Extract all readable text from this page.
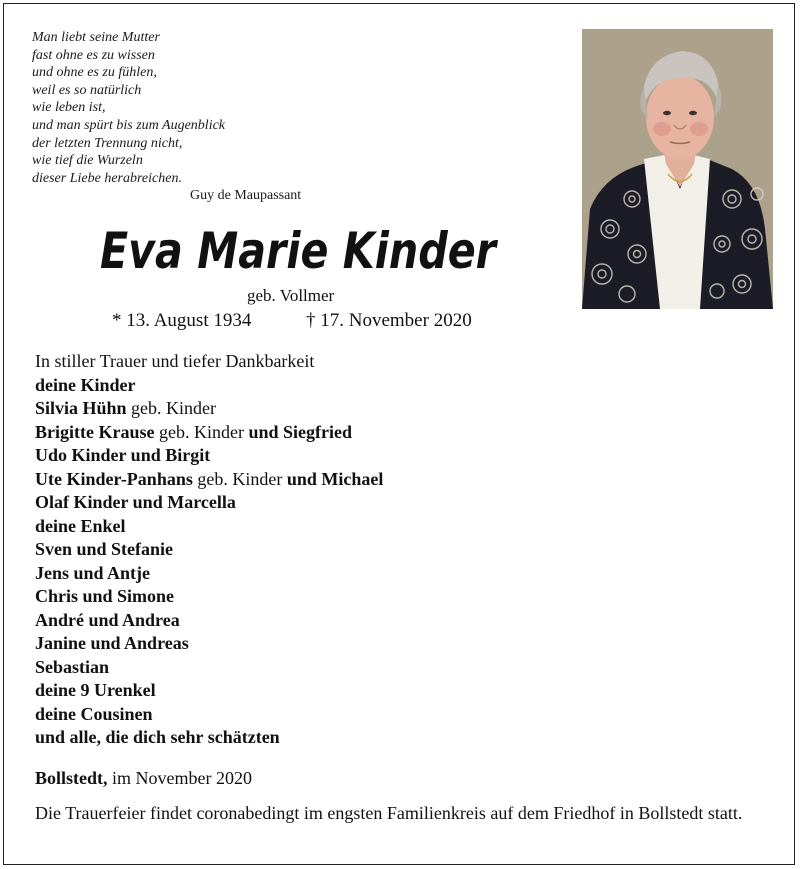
Man liebt seine Mutter
fast ohne es zu wissen
und ohne es zu fühlen,
weil es so natürlich
wie leben ist,
und man spürt bis zum Augenblick
der letzten Trennung nicht,
wie tief die Wurzeln
dieser Liebe herabreichen.
Guy de Maupassant
Eva Marie Kinder
geb. Vollmer
* 13. August 1934	† 17. November 2020
In stiller Trauer und tiefer Dankbarkeit
deine Kinder
Silvia Hühn geb. Kinder
Brigitte Krause geb. Kinder und Siegfried
Udo Kinder und Birgit
Ute Kinder-Panhans geb. Kinder und Michael
Olaf Kinder und Marcella
deine Enkel
Sven und Stefanie
Jens und Antje
Chris und Simone
André und Andrea
Janine und Andreas
Sebastian
deine 9 Urenkel
deine Cousinen
und alle, die dich sehr schätzten
Bollstedt, im November 2020
Die Trauerfeier findet coronabedingt im engsten Familienkreis auf dem Friedhof in Bollstedt statt.
